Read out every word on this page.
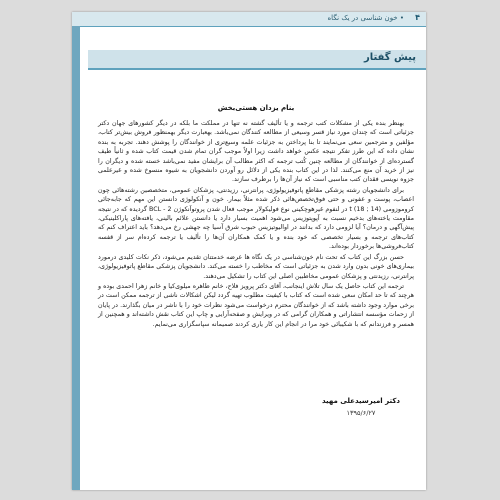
۴
• خون شناسی در یک نگاه
پیش گفتار
بنام یزدان هستی‌بخش

بهنظر بنده یکی از مشکلات کتب ترجمه و یا تألیف گشته نه تنها در مملکت ما بلکه در دیگر کشورهای جهان دکتر جزئیاتی است که چندان مورد نیاز قسر وسیعی از مطالعه کنندگان نمی‌باشد. بهعبارت دیگر بهمنظور فروش بیش‌تر کتاب، مؤلفین و مترجمین سعی می‌نمایند تا بنا پرداختن به جزئیات علمه وسیع‌تری از خوانندگان را پوشش دهند. تجربه به بنده نشان داده که این طرز تفکر نتیجه عکس خواهد داشت زیرا اولاً موجب گران تمام شدن قیمت کتاب شده و ثانیاً طیف گسترده‌ای از خوانندگان از مطالعه چنین کُتب ترجمه که اکثر مطالب آن برایشان مفید نمی‌باشد خسته شده و دیگران را نیز از خرید آن منع می‌کنند. لذا در این کتاب بنده یکی از دلائل رو آوردن دانشجویان به شیوه منسوخ شده و غیرعلمی جزوه نویسی فقدان کتب مناسبی است که نیاز آن‌ها را برطرف سازند.

برای دانشجویان رشته پزشکی مقاطع پاتوفیزیولوژی، پرانترنی، رزیدنتی، پزشکان عمومی، متخصصین رشته‌هائی چون اعصاب، پوست و عفونی و حتی فوق‌تخصص‌هائی ذکر شده مثلاً بیمار. خون و آنکولوژی دانستن این مهم که جابه‌جائی کروموزومی (14 ; 18) t در لنفوم غیرهوچکینی نوع فولیکولار موجب فعال شدن پروتوآنکوژن BCL - 2 گردیده که در نتیجه مقاومت یاخته‌های بدخیم نسبت به آپوپتوزیس می‌شود اهمیت بسیار دارد یا دانستن علائم بالینی، یافته‌های پاراکلینیکی، پیش‌آگهی و درمان؟ آیا لزومی دارد که بدانند در اوالیوتیزیس حبوب شرق آسیا چه جهشی رخ می‌دهد؟ باید اعتراف کنم که کتاب‌های ترجمه و بسیار تخصصی که خود بنده و یا کمک همکاران آن‌ها را تألیف یا ترجمه کرده‌ام سر از قفسه کتاب‌فروشی‌ها برخوردار بوده‌اند.

حسن بزرگ این کتاب که تحت نام خون‌شناسی در یک نگاه ها عرضه خدمتتان تقدیم می‌شود، ذکر نکات کلیدی درمورد بیماری‌های خونی بدون وارد شدن به جزئیاتی است که مخاطب را خسته می‌کند. دانشجویان پزشکی مقاطع پاتوفیزیولوژی، پرانترنی، رزیدنتی و پزشکان عمومی مخاطبین اصلی این کتاب را تشکیل می‌دهند.

ترجمه این کتاب حاصل یک سال تلاش اینجانب، آقای دکتر پرویز فلاح، خانم طاهره میلوی‌کیا و خانم زهرا احمدی بوده و هرچند که تا حد امکان سعی شده است که کتاب با کیفیت مطلوب تهیه گردد لیکن اشکالات ناشی از ترجمه ممکن است در برخی موارد وجود داشته باشد که از خوانندگان محترم درخواست می‌شود نظرات خود را با ناشر در میان بگذارند. در پایان از زحمات مؤسسه انتشاراتی و همکاران گرامی که در ویرایش و صفحه‌آرایی و چاپ این کتاب نقش داشته‌اند و همچنین از همسر و فرزندانم که با شکیبائی خود مرا در انجام این کار یاری کردند صمیمانه سپاسگزاری می‌نمایم.

دکتر امیرسیدعلی مهید
۱۳۹۵/۶/۲۷
